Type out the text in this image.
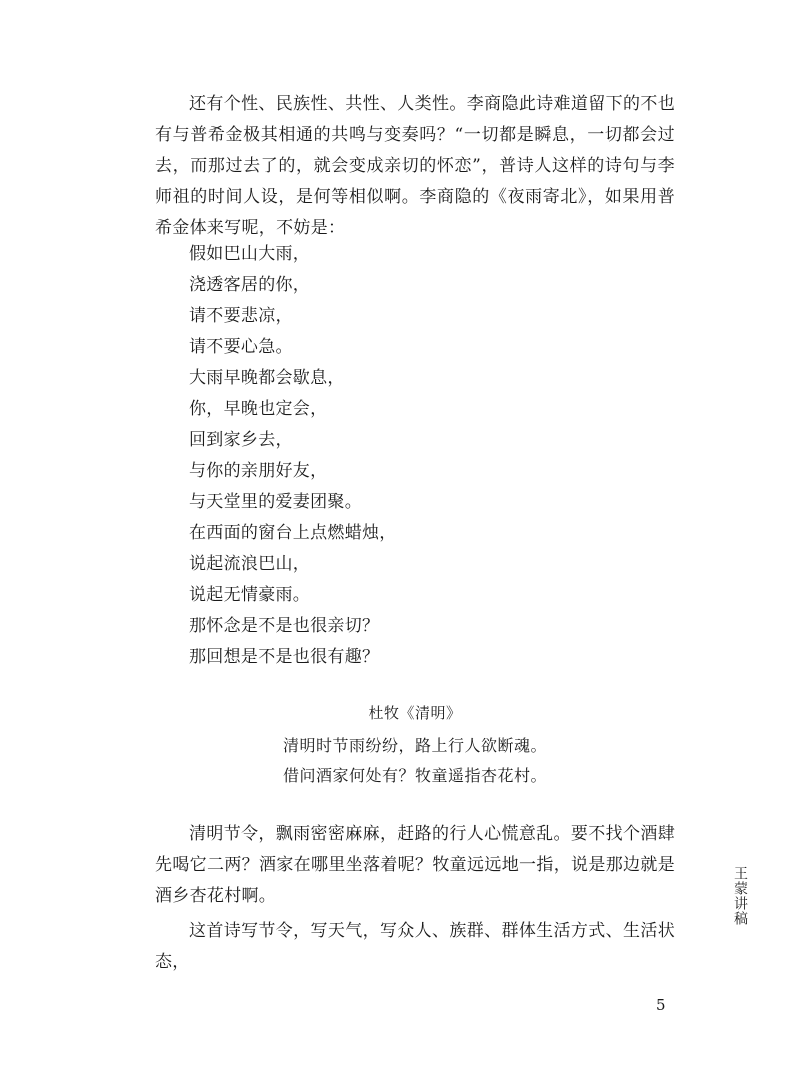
还有个性、民族性、共性、人类性。李商隐此诗难道留下的不也有与普希金极其相通的共鸣与变奏吗？“一切都是瞬息，一切都会过去，而那过去了的，就会变成亲切的怀恋”，普诗人这样的诗句与李师祖的时间人设，是何等相似啊。李商隐的《夜雨寄北》，如果用普希金体来写呢，不妨是：

假如巴山大雨，
浇透客居的你，
请不要悲凉，
请不要心急。
大雨早晚都会歇息，
你，早晚也定会，
回到家乡去，
与你的亲朋好友，
与天堂里的爱妻团聚。
在西面的窗台上点燃蜡烛，
说起流浪巴山，
说起无情豪雨。
那怀念是不是也很亲切？
那回想是不是也很有趣？
杜牧《清明》
清明时节雨纷纷，路上行人欲断魂。
借问酒家何处有？牧童遥指杏花村。

清明节令，飘雨密密麻麻，赶路的行人心慌意乱。要不找个酒肆先喝它二两？酒家在哪里坐落着呢？牧童远远地一指，说是那边就是酒乡杏花村啊。

这首诗写节令，写天气，写众人、族群、群体生活方式、生活状态，

王蒙讲稿
5
